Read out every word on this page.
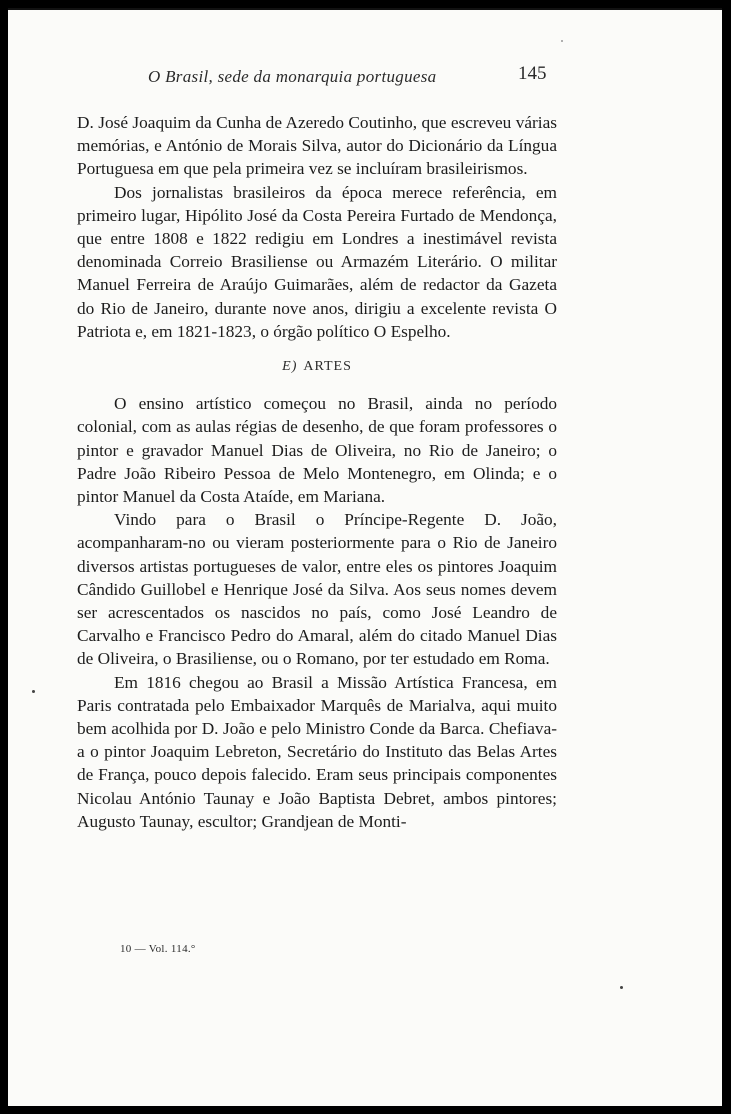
O Brasil, sede da monarquia portuguesa	145

D. José Joaquim da Cunha de Azeredo Coutinho, que escreveu várias memórias, e António de Morais Silva, autor do Dicionário da Língua Portuguesa em que pela primeira vez se incluíram brasileirismos.

Dos jornalistas brasileiros da época merece referência, em primeiro lugar, Hipólito José da Costa Pereira Furtado de Mendonça, que entre 1808 e 1822 redigiu em Londres a inestimável revista denominada Correio Brasiliense ou Armazém Literário. O militar Manuel Ferreira de Araújo Guimarães, além de redactor da Gazeta do Rio de Janeiro, durante nove anos, dirigiu a excelente revista O Patriota e, em 1821-1823, o órgão político O Espelho.

E) ARTES

O ensino artístico começou no Brasil, ainda no período colonial, com as aulas régias de desenho, de que foram professores o pintor e gravador Manuel Dias de Oliveira, no Rio de Janeiro; o Padre João Ribeiro Pessoa de Melo Montenegro, em Olinda; e o pintor Manuel da Costa Ataíde, em Mariana.

Vindo para o Brasil o Príncipe-Regente D. João, acompanharam-no ou vieram posteriormente para o Rio de Janeiro diversos artistas portugueses de valor, entre eles os pintores Joaquim Cândido Guillobel e Henrique José da Silva. Aos seus nomes devem ser acrescentados os nascidos no país, como José Leandro de Carvalho e Francisco Pedro do Amaral, além do citado Manuel Dias de Oliveira, o Brasiliense, ou o Romano, por ter estudado em Roma.

Em 1816 chegou ao Brasil a Missão Artística Francesa, em Paris contratada pelo Embaixador Marquês de Marialva, aqui muito bem acolhida por D. João e pelo Ministro Conde da Barca. Chefiava-a o pintor Joaquim Lebreton, Secretário do Instituto das Belas Artes de França, pouco depois falecido. Eram seus principais componentes Nicolau António Taunay e João Baptista Debret, ambos pintores; Augusto Taunay, escultor; Grandjean de Monti-

10 — Vol. 114.°
